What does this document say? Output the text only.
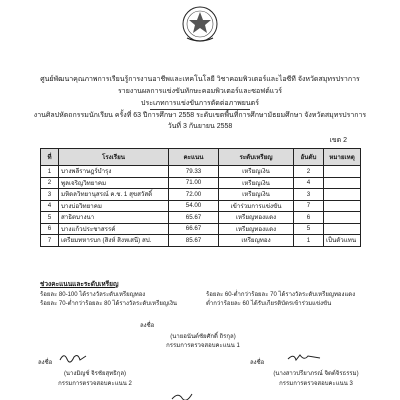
ศูนย์พัฒนาคุณภาพการเรียนรู้การงานอาชีพและเทคโนโลยี วิชาคอมพิวเตอร์และไอซีที จังหวัดสมุทรปราการ
รายงานผลการแข่งขันทักษะคอมพิวเตอร์และซอฟต์แวร์
ประเภทการแข่งขันการตัดต่อภาพยนตร์
งานศิลปหัตถกรรมนักเรียน ครั้งที่ 63 ปีการศึกษา 2558 ระดับเขตพื้นที่การศึกษามัธยมศึกษา จังหวัดสมุทรปราการ
วันที่ 3 กันยายน 2558
เขต 2
ที่	โรงเรียน	คะแนน	ระดับเหรียญ	อันดับ	หมายเหตุ
1	บางพลีราษฎร์บำรุง	79.33	เหรียญเงิน	2	
2	พูลเจริญวิทยาคม	71.00	เหรียญเงิน	4	
3	มหิดลวิทยานุสรณ์ ค.ช. 1 สุขสวัสดิ์	72.00	เหรียญเงิน	3	
4	บางบ่อวิทยาคม	54.00	เข้าร่วมการแข่งขัน	7	
5	สาธิตบางนา	65.67	เหรียญทองแดง	6	
6	บางแก้วประชาสรรค์	66.67	เหรียญทองแดง	5	
7	เตรียมทหารบก (สิงห์ สิงหเสนี) สป.	85.67	เหรียญทอง	1	เป็นตัวแทน
ช่วงคะแนนและระดับเหรียญ
ร้อยละ 80-100 ได้รางวัลระดับเหรียญทอง	ร้อยละ 60-ต่ำกว่าร้อยละ 70 ได้รางวัลระดับเหรียญทองแดง
ร้อยละ 70-ต่ำกว่าร้อยละ 80 ได้รางวัลระดับเหรียญเงิน	ต่ำกว่าร้อยละ 60 ได้รับเกียรติบัตรเข้าร่วมแข่งขัน
ลงชื่อ
(นายอนันต์ชัยศักดิ์ ถิรกุล)
กรรมการตรวจสอบคะแนน 1
ลงชื่อ
(นางมิญช์ จิรชัยสุทธิกุล)
กรรมการตรวจสอบคะแนน 2
ลงชื่อ
(นางสาวปรียาภรณ์ จิตต์จิรธรรม)
กรรมการตรวจสอบคะแนน 3
